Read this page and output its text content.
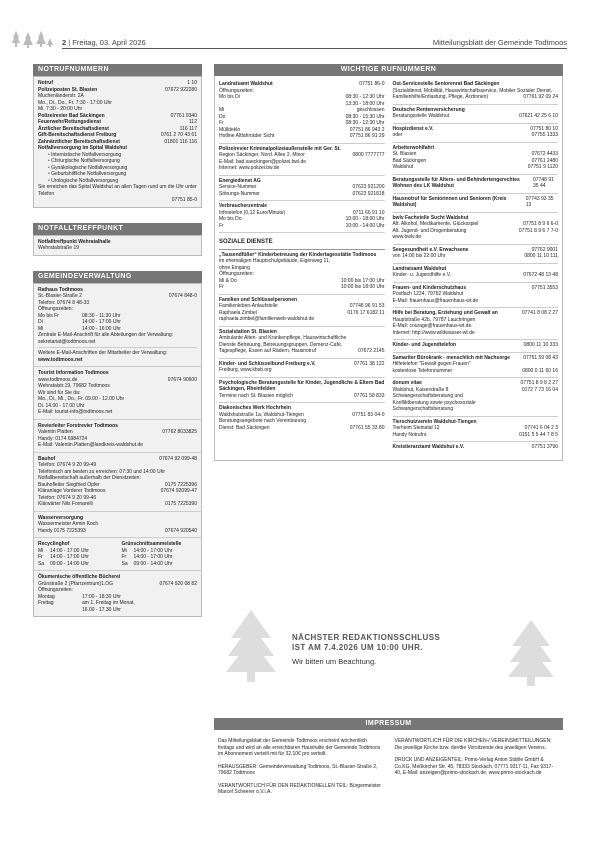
2 | Freitag, 03. April 2026	Mitteilungsblatt der Gemeinde Todtmoos
NOTRUFNUMMERN
Notruf	1 10
Polizeiposten St. Blasien	07672 922280
Muchenländerstr. 2A
Mo., Di., Do., Fr. 7:30 - 17:00 Uhr
Mi. 7:30 - 20:00 Uhr
Polizeirevier Bad Säckingen	07761 9340
Feuerwehr/Rettungsdienst	112
Ärztlicher Bereitschaftsdienst	116 117
Gift-Bereitschaftsdienst Freiburg	0761 2 70 43 61
Zahnärztlicher Bereitschaftsdienst	01801 116 116
Notfallversorgung im Spital Waldshut
• Internistische Notfallversorgung
• Chirurgische Notfallversorgung
• Gynäkologische Notfallversorgung
• Geburtshilfliche Notfallversorgung
• Urologische Notfallversorgung
Sie erreichen das Spital Waldshut an allen Tagen rund um die Uhr unter Telefon
07751 85-0
NOTFALLTREFFPUNKT
Notfalltreffpunkt Wehratalhalle
Wehratalstraße 19
GEMEINDEVERWALTUNG
Rathaus Todtmoos
St.-Blasier-Straße 2	07674 848-0
Telefon: 07674 8 48-33
Öffnungszeiten:
Mo bis Fr	08:30 - 11:30 Uhr
Di	14:00 - 17:00 Uhr
Mi	14:00 - 16:00 Uhr
Zentrale E-Mail-Anschrift für alle Abteilungen der Verwaltung: sekretariat@todtmoos.net
Weitere E-Mail-Anschriften der Mitarbeiter der Verwaltung:
www.todtmoos.net
Tourist Information Todtmoos
www.todtmoos.de	07674 90600
Wehratalstr.19, 79682 Todtmoos
Wir sind für Sie da:
Mo., Di., Mi., Do., Fr. 09.00 - 12.00 Uhr
Di. 14.00 - 17.00 Uhr
E-Mail: tourist-info@todtmoos.net
Revierleiter Forstrevier Todtmoos
Valentin Platten	07762 8033825
Handy: 0174 6984724
E-Mail: Valentin.Platten@landkreis-waldshut.de
Bauhof	07674 92 099-48
Telefon: 07674 9 20 99-49
Telefonisch am besten zu erreichen: 07:30 und 14:00 Uhr
Notfallbereitschaft außerhalb der Dienstzeiten:
Bauhofleiter Siegfried Opfer	0175 7225396
Kläranlage Vorderer Todtmoos	07674 92099-47
Telefon: 07674 9 20 99-46
Klärwärter Nils Fornarelli	0175 7225390
Wasserversorgung
Wassermeister Armin Koch
Handy 0175 7225393	07674 920540
Recyclinghof
Mi	14:00 - 17:00 Uhr
Fr	14:00 - 17:00 Uhr
Sa	09:00 - 14:00 Uhr
Grünschnittsammelstelle
Mi	14:00 - 17:00 Uhr
Fr	14:00 - 17:00 Uhr
Sa	09:00 - 14:00 Uhr
Ökumenische öffentliche Bücherei
Grünstraße 2 (Pfarrzentrum)1.OG	07674 920 08 82
Öffnungszeiten:
Montag	17:00 - 18:30 Uhr
Freitag	am 1. Freitag im Monat,
16.00 - 17.30 Uhr
WICHTIGE RUFNUMMERN
Landratsamt Waldshut	07751 86-0
Öffnungszeiten:
Mo bis Di	08:30 - 12:30 Uhr
13:30 - 18:00 Uhr
Mi	geschlossen
Do	08:30 - 15:30 Uhr
Fr	08:30 - 12:30 Uhr
Mülldeklo	07751 86 943 2
Hotline Altfahrräder Sicht	07751 86 91 29
Polizeirevier Kriminalpolizeiaußenstelle mit Ger. St.
Region Säckinger, Nord. Allee 2, Minor	0800 7777777
E-Mail: bad.saeckingen@polizei.bwl.de
Internet: www.polizei.bw.de
Energiedienst AG
Service-Nummer	07623 921200
Störungs-Nummer	07623 921818
Verbraucherzentrale
Infotelefon (0,12 Euro/Minute)	0711 66 91 10
Mo bis Do	10:00 - 18:00 Uhr
Fr	10:00 - 14:00 Uhr
SOZIALE DIENSTE
„Tausendfüßer“ Kinderbetreuung der Kindertagesstätte Todtmoos
im ehemaligen Hauptschulgebäude, Eigenweg 11,
ohne Eingang
Öffnungszeiten:
Mi & Do	10:00 bis 17:00 Uhr
Fr	10:00 bis 18:00 Uhr
Familien und Schlüsselpersonen
Familienleben-Anlaufstelle	07748 96 91 53
Raphaela Zimbel	0176 17 6182 11
raphaela.zimbel@familienweb-waldshut.de
Sozialstation St. Blasien
Ambulante Alten- und Krankenpflege, Hauswirtschaftliche
Dienste Betreuung, Betreuungsgruppen, Demenz-Café,
Tagespflege, Essen auf Rädern, Hausnotruf	07672 2145
Kinder- und Schlüsselbund Freiburg e.V.	07761 38 122
Freiburg, www.kbsb.org
Psychologische Beratungsstelle für Kinder, Jugendliche & Eltern Bad Säckingen, Rheinfelden
Termine nach St. Blasien möglich	07761 58 833
Diakonisches Werk Hochrhein
Waldshutstraße 1a, Waldshut-Tiengen	07751 83 04-0
Beratungsangebote nach Vereinbarung
Dienst: Bad Säckingen	07761 55 33 80
Ost-Servicestelle Seniorenrat Bad Säckingen
(Sozialdienst, Mobilität, Hauswirtschaftsservice, Mobiler Sozialer Dienst,
Familienhilfe/Entlastung, Pflege, Ärztinnen)	07761 92 09 24
Deutsche Rentenversicherung
Beratungsstelle Waldshut	07621 42 25 6 10
Hospizdienst e.V.	07751 80 10
oder	07755 1333
Arbeiterwohlfahrt
St. Blasien	07672 4433
Bad Säckingen	07761 2480
Waldshut	07751 9 1120
Beratungsstelle für Alters- und Behindertengerechtes Wohnen des LK Waldshut
07748 91 35 44
Hausnotruf für Seniorinnen und Senioren (Kreis Waldshut)
07743 93 35 13
bwlv Fachstelle Sucht Waldshut
Alt. Alkohol, Medikamente, Glücksspiel	07751 8 9 6 6-0
Alt. Jugend- und Drogenberatung	07751 8 9 6 7 7-0
www.bwlv.de
Seegesundheit e.V. Erwachsene	07762 9001
von 14:00 bis 22:00 Uhr	0800 11 10 111
Landratsamt Waldshut
Kinder- u. Jugendhilfe e.V.	07672 48 13 48
Frauen- und Kinderschutzhaus	07751 3553
Postfach 1224, 79762 Waldshut
E-Mail: frauenhaus@frauenhaus-wt.de
Hilfe bei Beratung, Erziehung und Gewalt an	07741 8 08 2 27
Hauptstraße 42b, 79787 Lauchringen
E-Mail: courage@frauenhaus-wt.de
Internet: http://www.wildwasser-wt.de
Kinder- und Jugendtelefon	0800 11 10 333
Samariter Bürokrank - menschlich mit Nachsorge	07751 59 08 43
Hilfetelefon "Gewalt gegen Frauen"
kostenlose Telefonnummer	0800 0 11 60 16
donum vitae	07751 8 9 8 2 27
Waldshut, Kaiserstraße 8	0172 7 73 16 04
Schwangerschaftsberatung und
Konfliktberatung sowie psychosoziale
Schwangerschaftsberatung
Tierschutzverein Waldshut-Tiengen
Tierheim Steinatal 12	07741 6 04 2 3
Handy Notrufnr.	0151 5 5 44 7 8 5
Kreistierarztamt Waldshut e.V.	07751 3790
NÄCHSTER REDAKTIONSSCHLUSS
IST AM 7.4.2026 UM 10:00 UHR.
Wir bitten um Beachtung.
IMPRESSUM
Das Mitteilungsblatt der Gemeinde Todtmoos erscheint wöchentlich freitags und wird an alle erreichbaren Haushalte der Gemeinde Todtmoos im Abonnement verteilt mit für 32,10€ pro verteilt.
HERAUSGEBER: Gemeindeverwaltung Todtmoos, St.-Blasier-Straße 2, 79682 Todtmoos
VERANTWORTLICH FÜR DEN REDAKTIONELLEN TEIL: Bürgermeister Marcel Scheerer o.V.i.A.
VERANTWORTLICH FÜR DIE KIRCHEN-/ VEREINSMITTEILUNGEN: Die jeweilige Kirche bzw. der/die Vorsitzende des jeweiligen Vereins.
DRUCK UND ANZEIGENTEIL: Primo-Verlag Anton Stähle GmbH & Co.KG, Meßkircher Str. 45, 78333 Stockach, 07771 9317-11, Fax 9317-40, E-Mail: anzeigen@primo-stockach.de, www.primo-stockach.de
